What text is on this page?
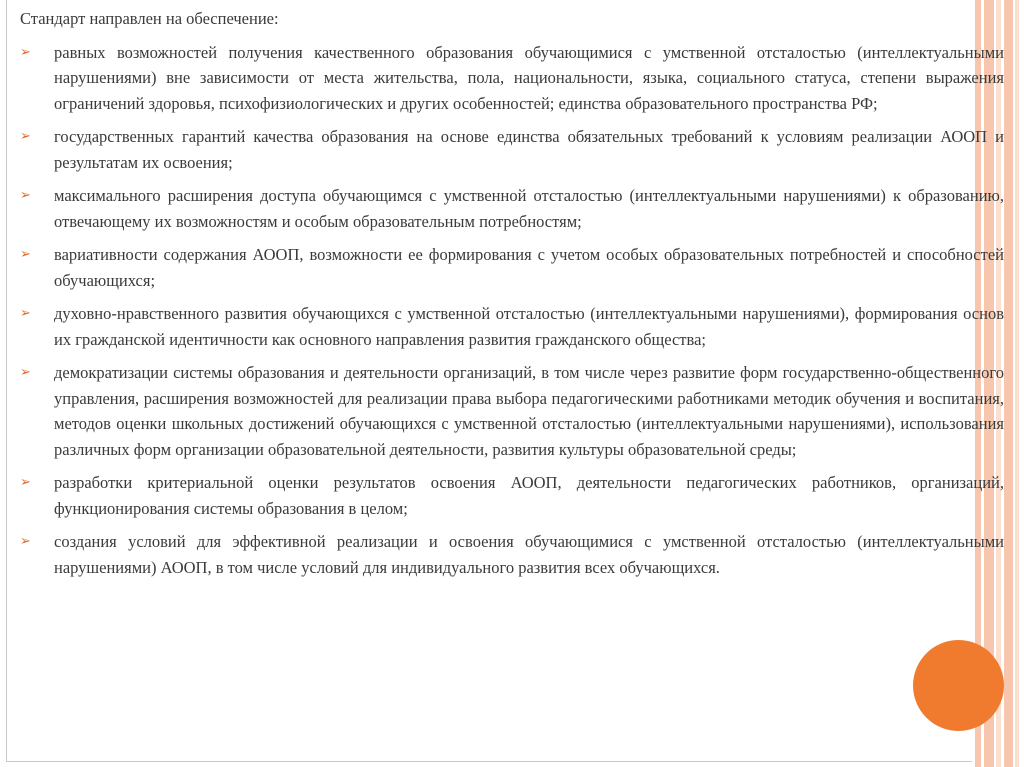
Стандарт направлен на обеспечение:

➢	равных возможностей получения качественного образования обучающимися с умственной отсталостью (интеллектуальными нарушениями) вне зависимости от места жительства, пола, национальности, языка, социального статуса, степени выражения ограничений здоровья, психофизиологических и других особенностей; единства образовательного пространства РФ;
➢	государственных гарантий качества образования на основе единства обязательных требований к условиям реализации АООП и результатам их освоения;
➢	максимального расширения доступа обучающимся с умственной отсталостью (интеллектуальными нарушениями) к образованию, отвечающему их возможностям и особым образовательным потребностям;
➢	вариативности содержания АООП, возможности ее формирования с учетом особых образовательных потребностей и способностей обучающихся;
➢	духовно-нравственного развития обучающихся с умственной отсталостью (интеллектуальными нарушениями), формирования основ их гражданской идентичности как основного направления развития гражданского общества;
➢	демократизации системы образования и деятельности организаций, в том числе через развитие форм государственно-общественного управления, расширения возможностей для реализации права выбора педагогическими работниками методик обучения и воспитания, методов оценки школьных достижений обучающихся с умственной отсталостью (интеллектуальными нарушениями), использования различных форм организации образовательной деятельности, развития культуры образовательной среды;
➢	разработки критериальной оценки результатов освоения АООП, деятельности педагогических работников, организаций, функционирования системы образования в целом;
➢	создания условий для эффективной реализации и освоения обучающимися с умственной отсталостью (интеллектуальными нарушениями) АООП, в том числе условий для индивидуального развития всех обучающихся.
